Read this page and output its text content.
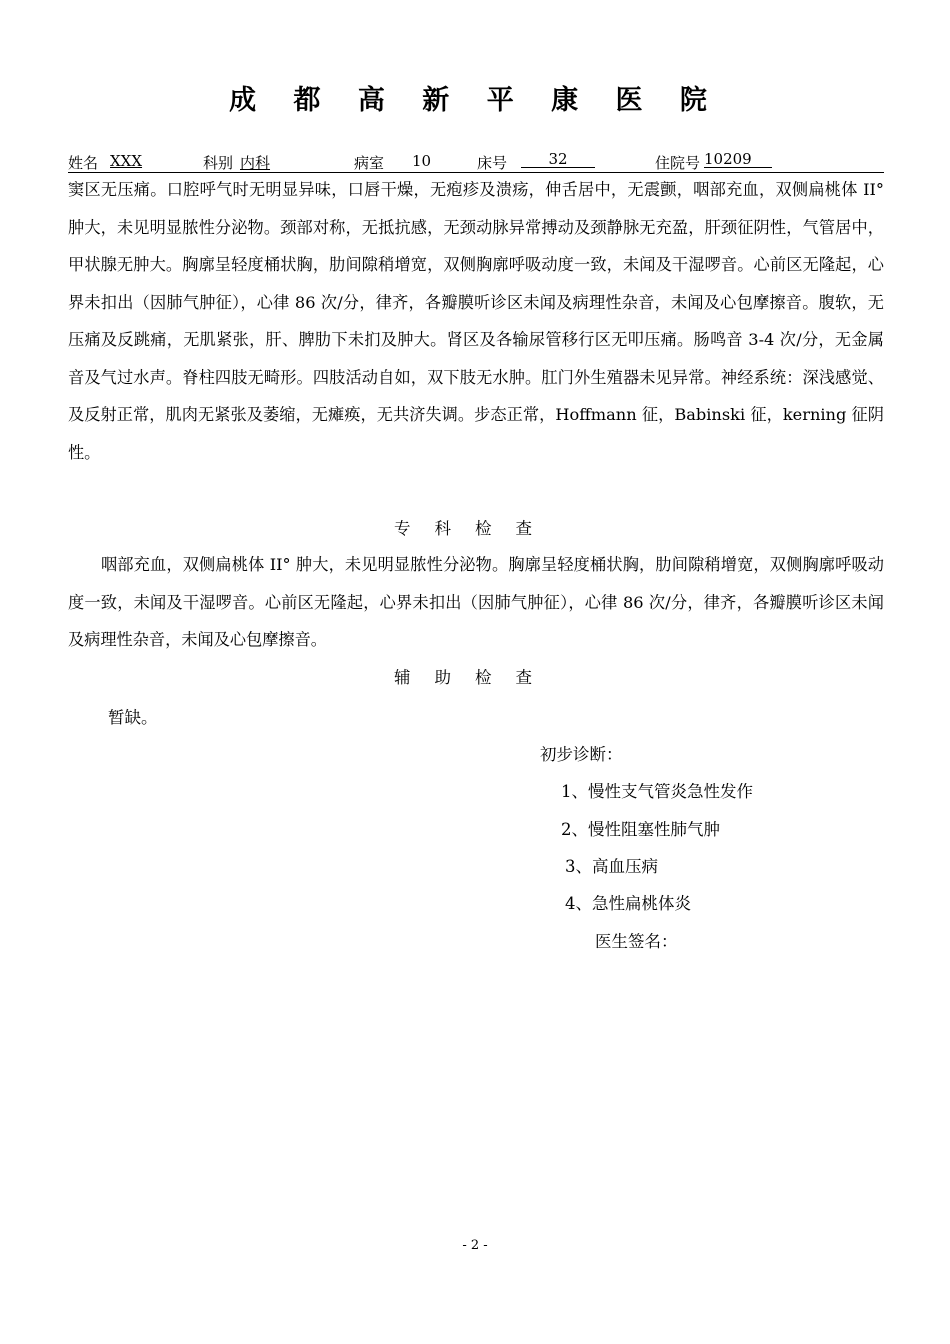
成 都 高 新 平 康 医 院
姓名 XXX	科别 内科	病室 10	床号	32	住院号 10209
窦区无压痛。口腔呼气时无明显异味，口唇干燥，无疱疹及溃疡，伸舌居中，无震颤，咽部充血，双侧扁桃体 II° 肿大，未见明显脓性分泌物。颈部对称，无抵抗感，无颈动脉异常搏动及颈静脉无充盈，肝颈征阴性，气管居中，甲状腺无肿大。胸廓呈轻度桶状胸，肋间隙稍增宽，双侧胸廓呼吸动度一致，未闻及干湿啰音。心前区无隆起，心界未扣出（因肺气肿征），心律 86 次/分，律齐，各瓣膜听诊区未闻及病理性杂音，未闻及心包摩擦音。腹软，无压痛及反跳痛，无肌紧张，肝、脾肋下未扪及肿大。肾区及各输尿管移行区无叩压痛。肠鸣音 3-4 次/分，无金属音及气过水声。脊柱四肢无畸形。四肢活动自如，双下肢无水肿。肛门外生殖器未见异常。神经系统：深浅感觉、及反射正常，肌肉无紧张及萎缩，无瘫痪，无共济失调。步态正常，Hoffmann 征，Babinski 征，kerning 征阴性。
专科检查
咽部充血，双侧扁桃体 II° 肿大，未见明显脓性分泌物。胸廓呈轻度桶状胸，肋间隙稍增宽，双侧胸廓呼吸动度一致，未闻及干湿啰音。心前区无隆起，心界未扣出（因肺气肿征），心律 86 次/分，律齐，各瓣膜听诊区未闻及病理性杂音，未闻及心包摩擦音。
辅助检查
暂缺。
初步诊断：
1、慢性支气管炎急性发作
2、慢性阻塞性肺气肿
3、高血压病
4、急性扁桃体炎
医生签名：
- 2 -
